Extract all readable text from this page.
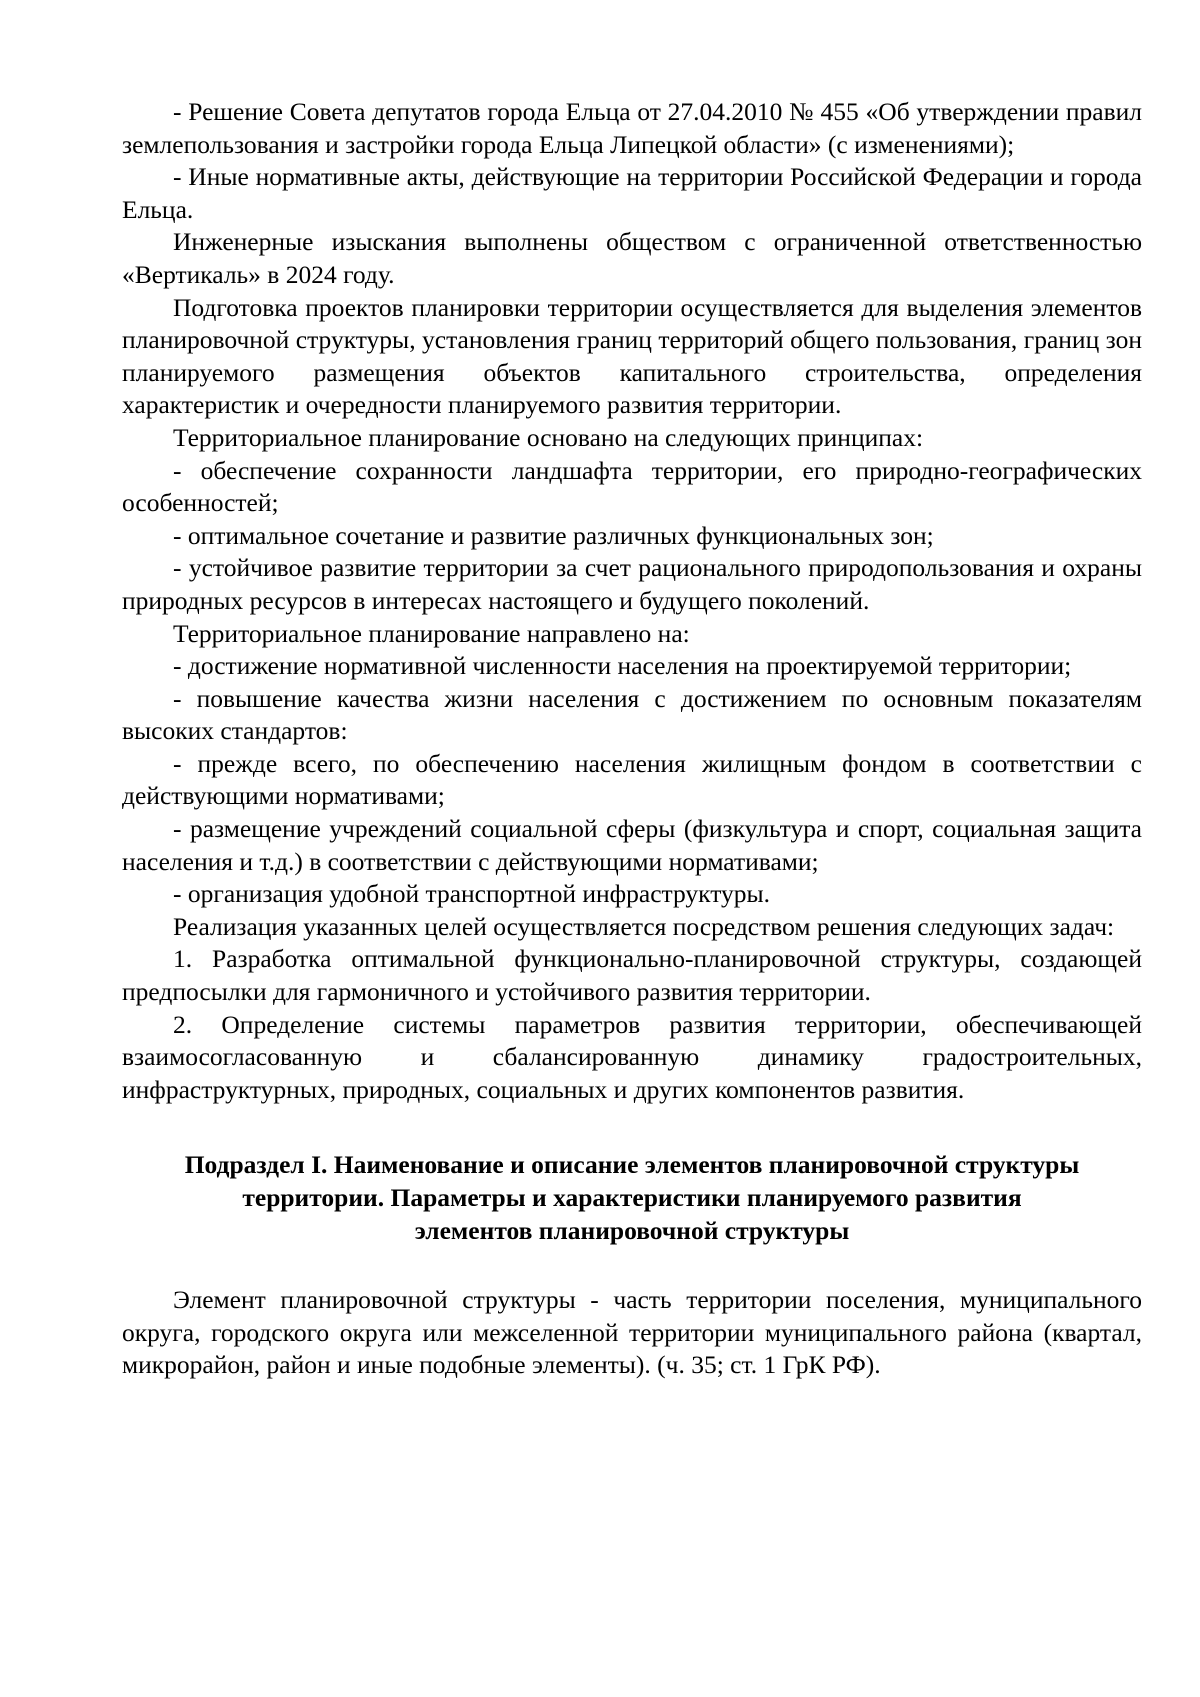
- Решение Совета депутатов города Ельца от 27.04.2010 № 455 «Об утверждении правил землепользования и застройки города Ельца Липецкой области» (с изменениями);

- Иные нормативные акты, действующие на территории Российской Федерации и города Ельца.

Инженерные изыскания выполнены обществом с ограниченной ответственностью «Вертикаль» в 2024 году.

Подготовка проектов планировки территории осуществляется для выделения элементов планировочной структуры, установления границ территорий общего пользования, границ зон планируемого размещения объектов капитального строительства, определения характеристик и очередности планируемого развития территории.

Территориальное планирование основано на следующих принципах:

- обеспечение сохранности ландшафта территории, его природно-географических особенностей;

- оптимальное сочетание и развитие различных функциональных зон;

- устойчивое развитие территории за счет рационального природопользования и охраны природных ресурсов в интересах настоящего и будущего поколений.

Территориальное планирование направлено на:

- достижение нормативной численности населения на проектируемой территории;

- повышение качества жизни населения с достижением по основным показателям высоких стандартов:

- прежде всего, по обеспечению населения жилищным фондом в соответствии с действующими нормативами;

- размещение учреждений социальной сферы (физкультура и спорт, социальная защита населения и т.д.) в соответствии с действующими нормативами;

- организация удобной транспортной инфраструктуры.

Реализация указанных целей осуществляется посредством решения следующих задач:

1. Разработка оптимальной функционально-планировочной структуры, создающей предпосылки для гармоничного и устойчивого развития территории.

2. Определение системы параметров развития территории, обеспечивающей взаимосогласованную и сбалансированную динамику градостроительных, инфраструктурных, природных, социальных и других компонентов развития.

Подраздел I. Наименование и описание элементов планировочной структуры

территории. Параметры и характеристики планируемого развития

элементов планировочной структуры

Элемент планировочной структуры - часть территории поселения, муниципального округа, городского округа или межселенной территории муниципального района (квартал, микрорайон, район и иные подобные элементы). (ч. 35; ст. 1 ГрК РФ).
